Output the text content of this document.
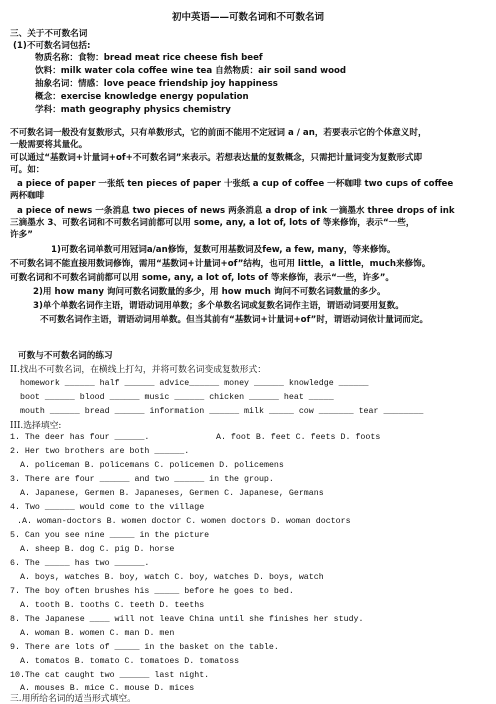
初中英语——可数名词和不可数名词
三、关于不可数名词
(1)不可数名词包括:
物质名称：食物：bread meat rice cheese fish beef
饮料：milk water cola coffee wine tea 自然物质：air soil sand wood
抽象名词：情感：love peace friendship joy happiness
概念：exercise knowledge energy population
学科：math geography physics chemistry
不可数名词一般没有复数形式，只有单数形式，它的前面不能用不定冠词 a / an，若要表示它的个体意义时，
一般需要将其量化。
可以通过“基数词+计量词+of+不可数名词”来表示。若想表达量的复数概念，只需把计量词变为复数形式即
可。如：
a piece of paper 一张纸 ten pieces of paper 十张纸 a cup of coffee 一杯咖啡 two cups of coffee
两杯咖啡
a piece of news 一条消息 two pieces of news 两条消息 a drop of ink 一滴墨水 three drops of ink
三滴墨水 3、可数名词和不可数名词前都可以用 some, any, a lot of, lots of 等来修饰，表示“一些，
许多”
1)可数名词单数可用冠词a/an修饰，复数可用基数词及few, a few, many，等来修饰。
不可数名词不能直接用数词修饰，需用“基数词+计量词+of”结构，也可用 little，a little，much来修饰。
可数名词和不可数名词前都可以用 some, any, a lot of, lots of 等来修饰，表示“一些，许多”。
2)用 how many 询问可数名词数量的多少，用 how much 询问不可数名词数量的多少。
3)单个单数名词作主语，谓语动词用单数；多个单数名词或复数名词作主语，谓语动词要用复数。
不可数名词作主语，谓语动词用单数。但当其前有“基数词+计量词+of”时，谓语动词依计量词而定。
可数与不可数名词的练习
II.找出不可数名词，在横线上打勾，并将可数名词变成复数形式：
homework ______ half ______ advice______ money ______ knowledge ______
boot ______ blood ______ music ______ chicken ______ heat _____
mouth ______ bread ______ information ______ milk _____ cow _______ tear ________
III.选择填空:
1. The deer has four ______.	A. foot B. feet C. feets D. foots
2. Her two brothers are both ______.
A. policeman B. policemans C. policemen D. policemens
3. There are four ______ and two ______ in the group.
A. Japanese, Germen B. Japaneses, Germen C. Japanese, Germans
4. Two ______ would come to the village
.A. woman-doctors B. women doctor C. women doctors D. woman doctors
5. Can you see nine _____ in the picture
A. sheep B. dog C. pig D. horse
6. The _____ has two ______.
A. boys, watches B. boy, watch C. boy, watches D. boys, watch
7. The boy often brushes his _____ before he goes to bed.
A. tooth B. tooths C. teeth D. teeths
8. The Japanese ____ will not leave China until she finishes her study.
A. woman B. women C. man D. men
9. There are lots of _____ in the basket on the table.
A. tomatos B. tomato C. tomatoes D. tomatoss
10.The cat caught two ______ last night.
A. mouses B. mice C. mouse D. mices
三.用所给名词的适当形式填空。
